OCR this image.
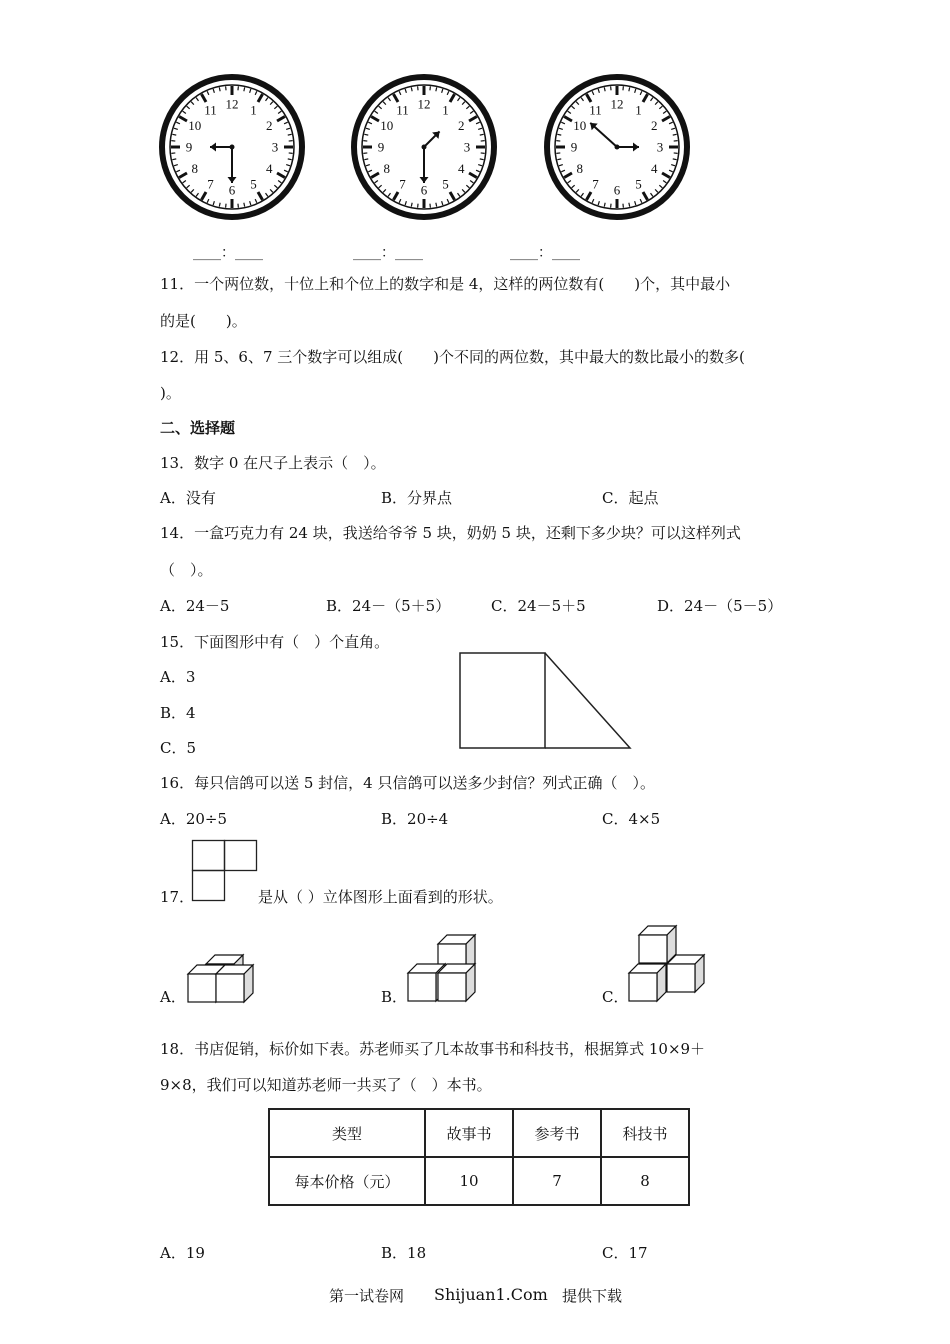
12 1
2
3
4
5
6
7
8
9
10
11	12 1
2
3
4
5
6
7
8
9
10
11	12 1
2
3
4
5
6
7
8
9
10
11
____：____	____：____	____：____
11．一个两位数，十位上和个位上的数字和是 4，这样的两位数有(　　)个，其中最小
的是(　　)。
12．用 5、6、7 三个数字可以组成(　　)个不同的两位数，其中最大的数比最小的数多(
)。
二、选择题
13．数字 0 在尺子上表示（　）。
A．没有	B．分界点	C．起点
14．一盒巧克力有 24 块，我送给爷爷 5 块，奶奶 5 块，还剩下多少块？可以这样列式
（　）。
A．24－5	B．24－（5＋5）	C．24－5＋5	D．24－（5－5）
15．下面图形中有（　）个直角。
A．3
B．4
C．5
16．每只信鸽可以送 5 封信，4 只信鸽可以送多少封信？列式正确（　）。
A．20÷5	B．20÷4	C．4×5
17．	是从（ ）立体图形上面看到的形状。
A．	B．	C．
18．书店促销，标价如下表。苏老师买了几本故事书和科技书，根据算式 10×9＋
9×8，我们可以知道苏老师一共买了（　）本书。
类型	故事书	参考书	科技书
每本价格（元）	10	7	8
A．19	B．18	C．17
第一试卷网 Shijuan1.Com 提供下载
